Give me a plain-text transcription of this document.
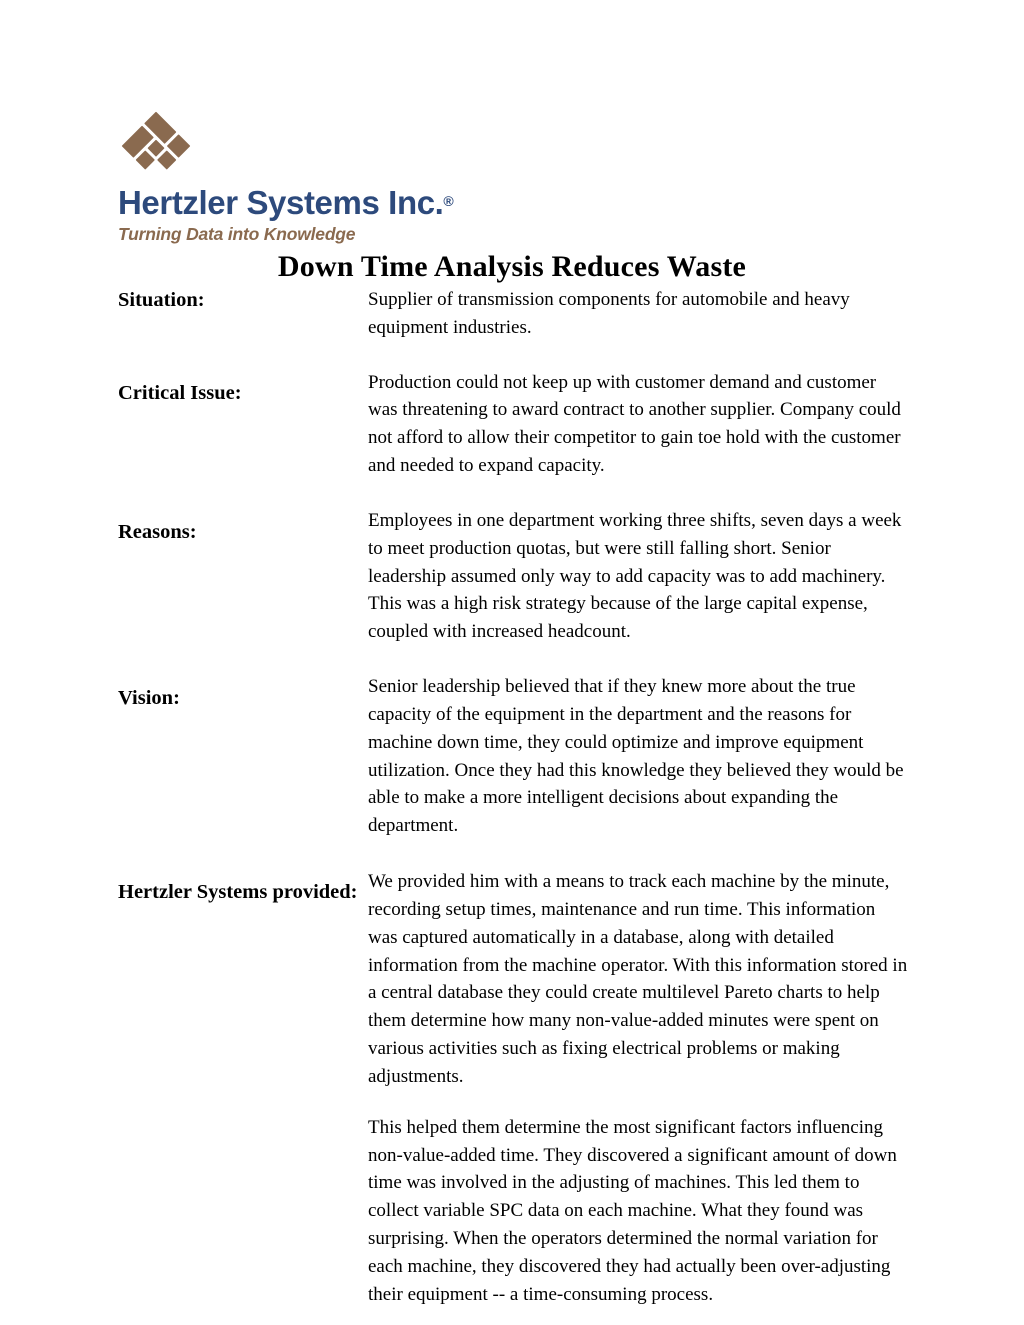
Hertzler Systems Inc.®
Turning Data into Knowledge
Down Time Analysis Reduces Waste
Situation:	Supplier of transmission components for automobile and heavy equipment industries.

Critical Issue:	Production could not keep up with customer demand and customer was threatening to award contract to another supplier. Company could not afford to allow their competitor to gain toe hold with the customer and needed to expand capacity.

Reasons:

Employees in one department working three shifts, seven days a week to meet production quotas, but were still falling short. Senior leadership assumed only way to add capacity was to add machinery. This was a high risk strategy because of the large capital expense, coupled with increased headcount.

Vision:

Senior leadership believed that if they knew more about the true capacity of the equipment in the department and the reasons for machine down time, they could optimize and improve equipment utilization. Once they had this knowledge they believed they would be able to make a more intelligent decisions about expanding the department.

Hertzler Systems provided: We provided him with a means to track each machine by the minute, recording setup times, maintenance and run time. This information was captured automatically in a database, along with detailed information from the machine operator. With this information stored in a central database they could create multilevel Pareto charts to help them determine how many non-value-added minutes were spent on various activities such as fixing electrical problems or making adjustments.

This helped them determine the most significant factors influencing non-value-added time. They discovered a significant amount of down time was involved in the adjusting of machines. This led them to collect variable SPC data on each machine. What they found was surprising. When the operators determined the normal variation for each machine, they discovered they had actually been over-adjusting their equipment -- a time-consuming process.
